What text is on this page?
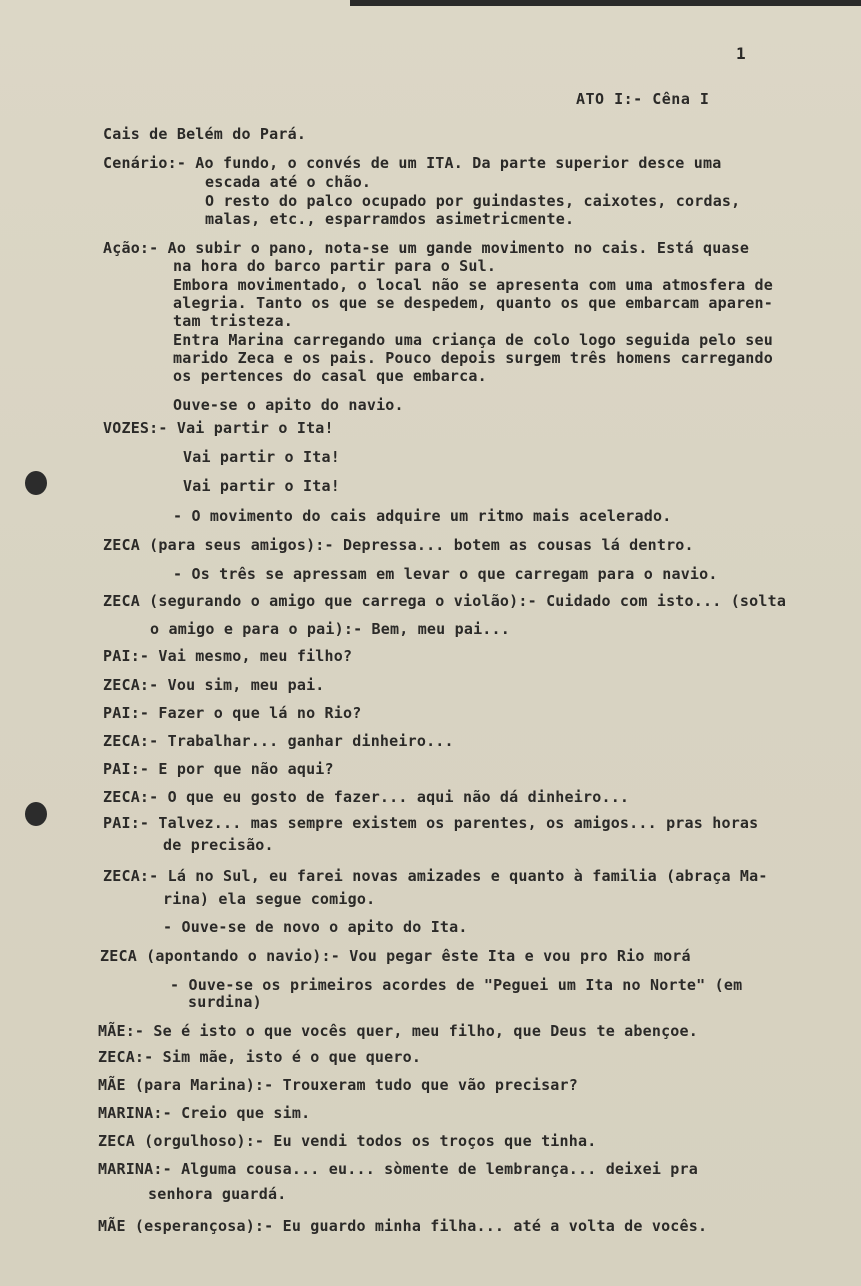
1
ATO I:- Cêna I
Cais de Belém do Pará.
Cenário:- Ao fundo, o convés de um ITA. Da parte superior desce uma
escada até o chão.
O resto do palco ocupado por guindastes, caixotes, cordas,
malas, etc., esparramdos asimetricmente.
Ação:- Ao subir o pano, nota-se um gande movimento no cais. Está quase
na hora do barco partir para o Sul.
Embora movimentado, o local não se apresenta com uma atmosfera de
alegria. Tanto os que se despedem, quanto os que embarcam aparen-
tam tristeza.
Entra Marina carregando uma criança de colo logo seguida pelo seu
marido Zeca e os pais. Pouco depois surgem três homens carregando
os pertences do casal que embarca.
Ouve-se o apito do navio.
VOZES:- Vai partir o Ita!
Vai partir o Ita!
Vai partir o Ita!
- O movimento do cais adquire um ritmo mais acelerado.
ZECA (para seus amigos):- Depressa... botem as cousas lá dentro.
- Os três se apressam em levar o que carregam para o navio.
ZECA (segurando o amigo que carrega o violão):- Cuidado com isto... (solta
o amigo e para o pai):- Bem, meu pai...
PAI:- Vai mesmo, meu filho?
ZECA:- Vou sim, meu pai.
PAI:- Fazer o que lá no Rio?
ZECA:- Trabalhar... ganhar dinheiro...
PAI:- E por que não aqui?
ZECA:- O que eu gosto de fazer... aqui não dá dinheiro...
PAI:- Talvez... mas sempre existem os parentes, os amigos... pras horas
de precisão.
ZECA:- Lá no Sul, eu farei novas amizades e quanto à familia (abraça Ma-
rina) ela segue comigo.
- Ouve-se de novo o apito do Ita.
ZECA (apontando o navio):- Vou pegar êste Ita e vou pro Rio morá
- Ouve-se os primeiros acordes de "Peguei um Ita no Norte" (em
surdina)
MÃE:- Se é isto o que vocês quer, meu filho, que Deus te abençoe.
ZECA:- Sim mãe, isto é o que quero.
MÃE (para Marina):- Trouxeram tudo que vão precisar?
MARINA:- Creio que sim.
ZECA (orgulhoso):- Eu vendi todos os troços que tinha.
MARINA:- Alguma cousa... eu... sòmente de lembrança... deixei pra
senhora guardá.
MÃE (esperançosa):- Eu guardo minha filha... até a volta de vocês.
